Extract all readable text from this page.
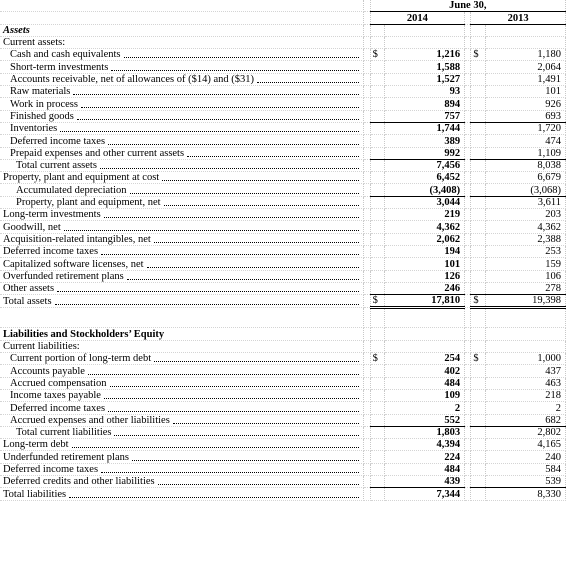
		June 30,				
		2014			2013	
Assets						
Current assets:						

Cash and cash equivalents		$	1,216		$	1,180

Short-term investments			1,588			2,064

Accounts receivable, net of allowances of ($14) and ($31)			1,527			1,491

Raw materials			93			101

Work in process			894			926

Finished goods			757			693

Inventories			1,744			1,720

Deferred income taxes			389			474

Prepaid expenses and other current assets			992			1,109

Total current assets			7,456			8,038

Property, plant and equipment at cost			6,452			6,679

Accumulated depreciation			(3,408)			(3,068)

Property, plant and equipment, net			3,044			3,611

Long-term investments			219			203

Goodwill, net			4,362			4,362

Acquisition-related intangibles, net			2,062			2,388

Deferred income taxes			194			253

Capitalized software licenses, net			101			159

Overfunded retirement plans			126			106

Other assets			246			278

Total assets		$	17,810		$	19,398

Liabilities and Stockholders’ Equity						
Current liabilities:						

Current portion of long-term debt		$	254		$	1,000

Accounts payable			402			437

Accrued compensation			484			463

Income taxes payable			109			218

Deferred income taxes			2			2

Accrued expenses and other liabilities			552			682

Total current liabilities			1,803			2,802

Long-term debt			4,394			4,165

Underfunded retirement plans			224			240

Deferred income taxes			484			584

Deferred credits and other liabilities			439			539

Total liabilities			7,344			8,330
